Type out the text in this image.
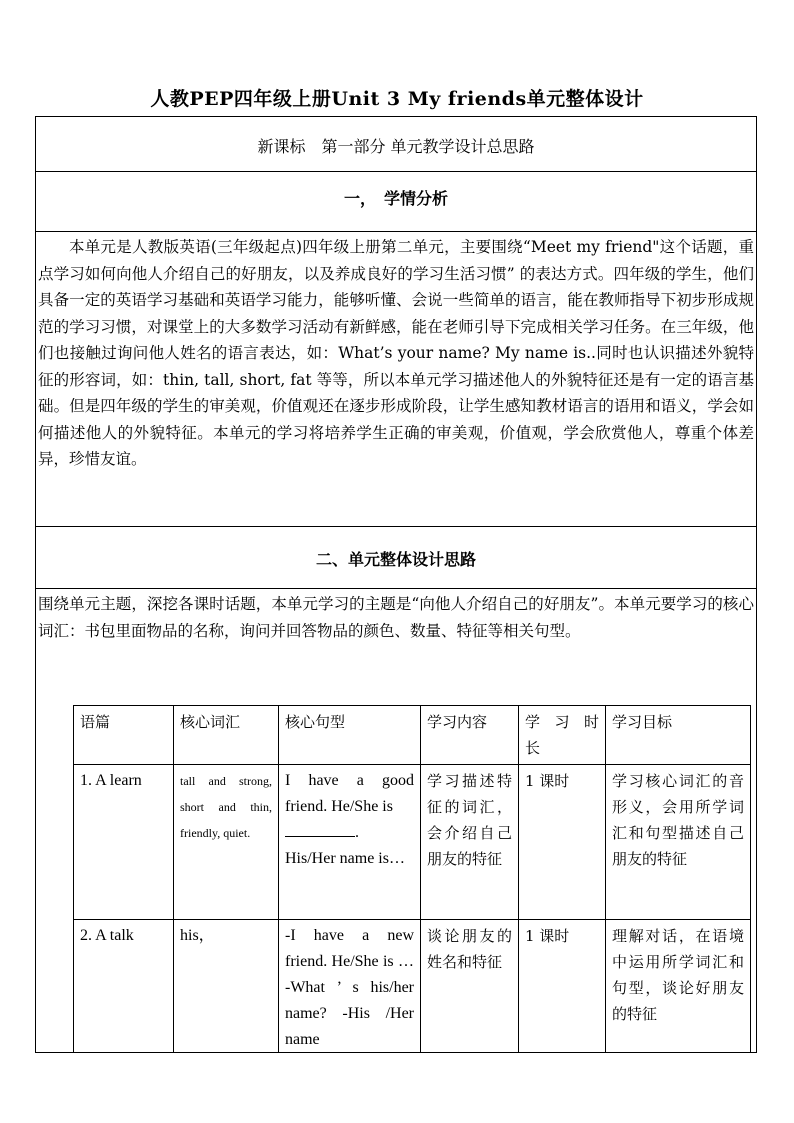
人教PEP四年级上册Unit 3 My friends单元整体设计
新课标　第一部分 单元教学设计总思路
一，　学情分析

本单元是人教版英语(三年级起点)四年级上册第二单元，主要围绕“Meet my friend"这个话题，重点学习如何向他人介绍自己的好朋友，以及养成良好的学习生活习惯” 的表达方式。四年级的学生，他们具备一定的英语学习基础和英语学习能力，能够听懂、会说一些简单的语言，能在教师指导下初步形成规范的学习习惯，对课堂上的大多数学习活动有新鲜感，能在老师引导下完成相关学习任务。在三年级，他们也接触过询问他人姓名的语言表达，如：What’s your name? My name is..同时也认识描述外貌特征的形容词，如：thin, tall, short, fat 等等，所以本单元学习描述他人的外貌特征还是有一定的语言基础。但是四年级的学生的审美观，价值观还在逐步形成阶段，让学生感知教材语言的语用和语义，学会如何描述他人的外貌特征。本单元的学习将培养学生正确的审美观，价值观，学会欣赏他人，尊重个体差异，珍惜友谊。

二、单元整体设计思路

围绕单元主题，深挖各课时话题，本单元学习的主题是“向他人介绍自己的好朋友”。本单元要学习的核心词汇：书包里面物品的名称，询问并回答物品的颜色、数量、特征等相关句型。

语篇	核心词汇	核心句型	学习内容	学 习 时 长	学习目标
1. A learn	tall and strong, short and thin, friendly, quiet.	I have a good friend. He/She is
.
His/Her name is…	学习描述特征的词汇，会介绍自己朋友的特征	1 课时	学习核心词汇的音形义，会用所学词汇和句型描述自己朋友的特征
2. A talk	his，	-I have a new friend. He/She is … -What ’ s his/her name? -His /Her name	谈论朋友的姓名和特征	1 课时	理解对话，在语境中运用所学词汇和句型，谈论好朋友的特征
